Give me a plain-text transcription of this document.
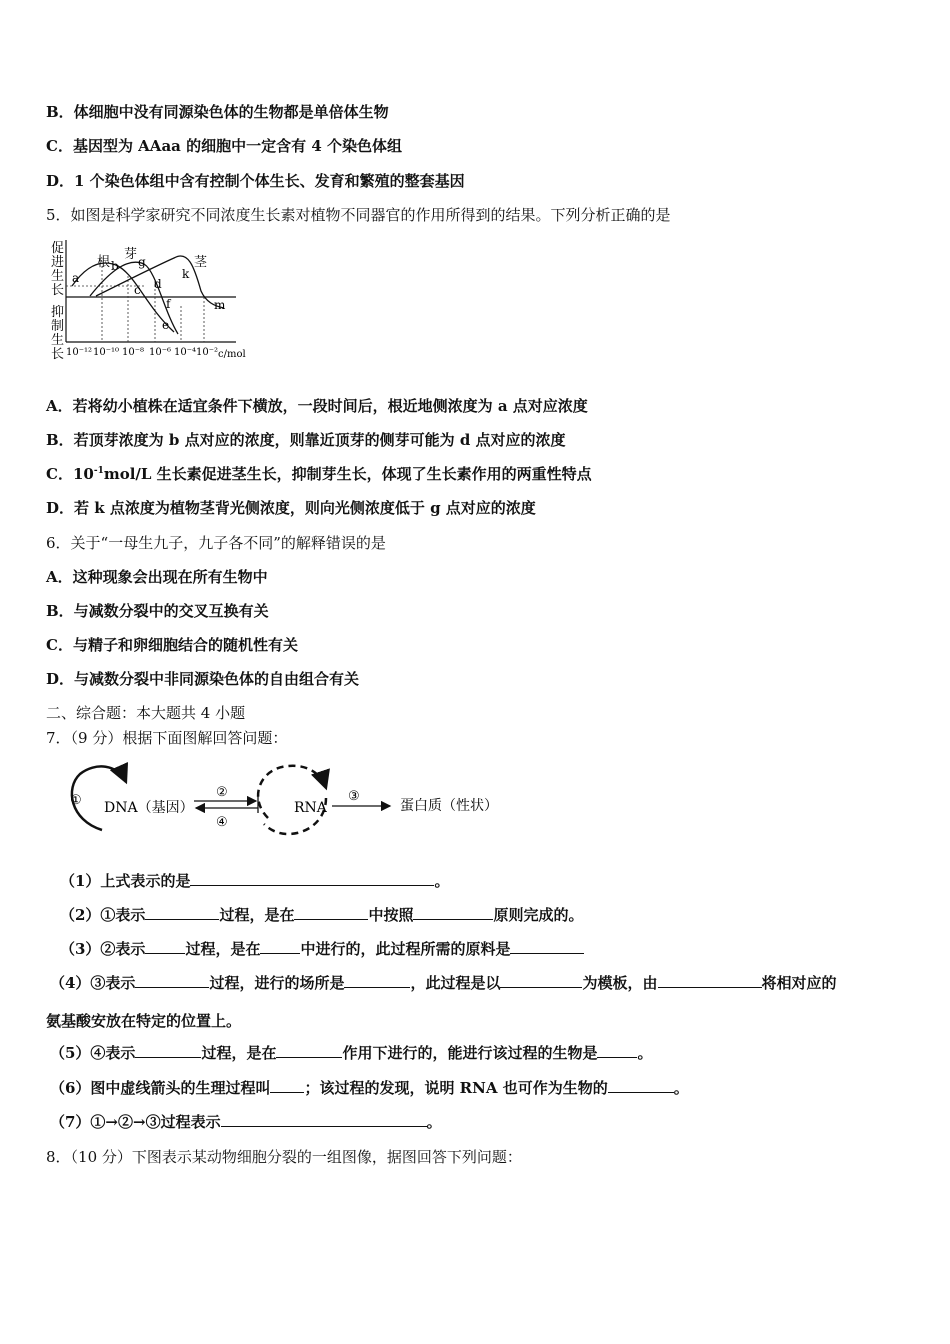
B．体细胞中没有同源染色体的生物都是单倍体生物
C．基因型为 AAaa 的细胞中一定含有 4 个染色体组
D．1 个染色体组中含有控制个体生长、发育和繁殖的整套基因
5．如图是科学家研究不同浓度生长素对植物不同器官的作用所得到的结果。下列分析正确的是
促
进
生
长
抑
制
生
长
根
芽
茎
a
b
c d
e
f
g
k
m
10⁻¹² 10⁻¹⁰ 10⁻⁸ 10⁻⁶ 10⁻⁴ 10⁻² c/mol
A．若将幼小植株在适宜条件下横放，一段时间后，根近地侧浓度为 a 点对应浓度
B．若顶芽浓度为 b 点对应的浓度，则靠近顶芽的侧芽可能为 d 点对应的浓度
C．$10^{-1}mol/L$ 生长素促进茎生长，抑制芽生长，体现了生长素作用的两重性特点
D．若 k 点浓度为植物茎背光侧浓度，则向光侧浓度低于 g 点对应的浓度
6．关于“一母生九子，九子各不同”的解释错误的是
A．这种现象会出现在所有生物中
B．与减数分裂中的交叉互换有关
C．与精子和卵细胞结合的随机性有关
D．与减数分裂中非同源染色体的自由组合有关
二、综合题：本大题共 4 小题
7．（9 分）根据下面图解回答问题：
① DNA（基因）
②
④
RNA
③
蛋白质（性状）
（1）上式表示的是	。
（2）①表示	过程，是在	中按照	原则完成的。
（3）②表示	过程，是在	中进行的，此过程所需的原料是
（4）③表示	过程，进行的场所是	，此过程是以	为模板，由	将相对应的
氨基酸安放在特定的位置上。
（5）④表示	过程，是在	作用下进行的，能进行该过程的生物是	。
（6）图中虚线箭头的生理过程叫 ；该过程的发现，说明 RNA 也可作为生物的	。
（7）①→②→③过程表示	。
8．（10 分）下图表示某动物细胞分裂的一组图像，据图回答下列问题：
